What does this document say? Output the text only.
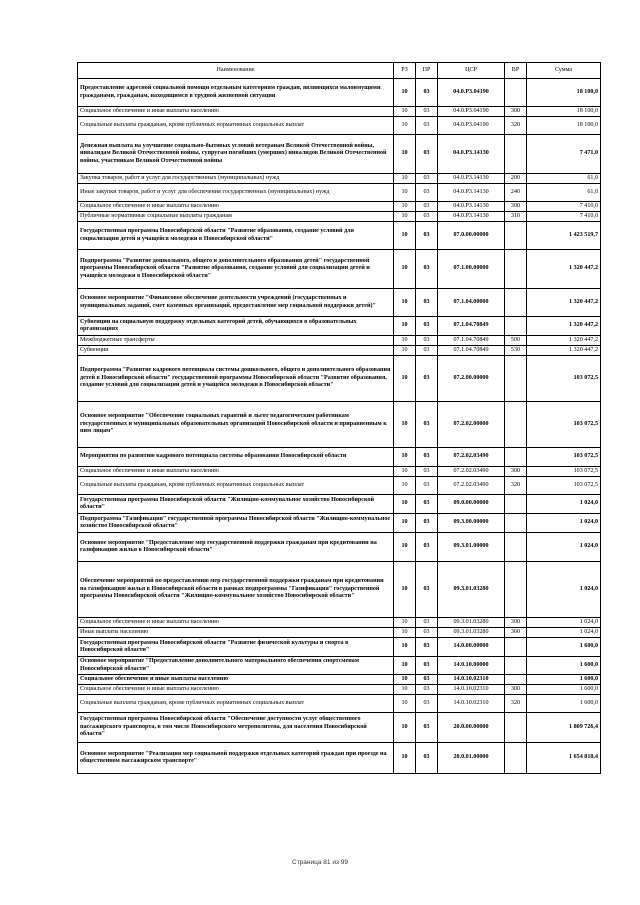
Наименование	РЗ	ПР	ЦСР	ВР	Сумма
Предоставление адресной социальной помощи отдельным категориям граждан, являющихся малоимущими гражданами, гражданам, находящимся в трудной жизненной ситуации	10	03	04.0.Р3.04190		18 100,0
Социальное обеспечение и иные выплаты населению	10	03	04.0.Р3.04190	300	18 100,0
Социальные выплаты гражданам, кроме публичных нормативных социальных выплат	10	03	04.0.Р3.04190	320	18 100,0
Денежная выплата на улучшение социально-бытовых условий ветеранам Великой Отечественной войны, инвалидам Великой Отечественной войны, супругам погибших (умерших) инвалидов Великой Отечественной войны, участникам Великой Отечественной войны	10	03	04.0.Р3.14130		7 471,0
Закупка товаров, работ и услуг для государственных (муниципальных) нужд	10	03	04.0.Р3.14130	200	61,0
Иные закупки товаров, работ и услуг для обеспечения государственных (муниципальных) нужд	10	03	04.0.Р3.14130	240	61,0
Социальное обеспечение и иные выплаты населению	10	03	04.0.Р3.14130	300	7 410,0
Публичные нормативные социальные выплаты гражданам	10	03	04.0.Р3.14130	310	7 410,0
Государственная программа Новосибирской области "Развитие образования, создание условий для социализации детей и учащейся молодежи в Новосибирской области"	10	03	07.0.00.00000		1 423 519,7
Подпрограмма "Развитие дошкольного, общего и дополнительного образования детей" государственной программы Новосибирской области "Развитие образования, создание условий для социализации детей и учащейся молодежи в Новосибирской области"	10	03	07.1.00.00000		1 320 447,2
Основное мероприятие "Финансовое обеспечение деятельности учреждений (государственных и муниципальных заданий, смет казенных организаций, предоставление мер социальной поддержки детей)"	10	03	07.1.04.00000		1 320 447,2
Субвенции на социальную поддержку отдельных категорий детей, обучающихся в образовательных организациях	10	03	07.1.04.70849		1 320 447,2
Межбюджетные трансферты	10	03	07.1.04.70849	500	1 320 447,2
Субвенции	10	03	07.1.04.70849	530	1 320 447,2
Подпрограмма "Развитие кадрового потенциала системы дошкольного, общего и дополнительного образования детей в Новосибирской области" государственной программы Новосибирской области "Развитие образования, создание условий для социализации детей и учащейся молодежи в Новосибирской области"	10	03	07.2.00.00000		103 072,5
Основное мероприятие "Обеспечение социальных гарантий и льгот педагогическим работникам государственных и муниципальных образовательных организаций Новосибирской области и приравненным к ним лицам"	10	03	07.2.02.00000		103 072,5
Мероприятия по развитию кадрового потенциала системы образования Новосибирской области	10	03	07.2.02.03490		103 072,5
Социальное обеспечение и иные выплаты населению	10	03	07.2.02.03490	300	103 072,5
Социальные выплаты гражданам, кроме публичных нормативных социальных выплат	10	03	07.2.02.03490	320	103 072,5
Государственная программа Новосибирской области "Жилищно-коммунальное хозяйство Новосибирской области"	10	03	09.0.00.00000		1 024,0
Подпрограмма "Газификация" государственной программы Новосибирской области "Жилищно-коммунальное хозяйство Новосибирской области"	10	03	09.3.00.00000		1 024,0
Основное мероприятие "Предоставление мер государственной поддержки гражданам при кредитовании на газификацию жилья в Новосибирской области"	10	03	09.3.01.00000		1 024,0
Обеспечение мероприятий по предоставлению мер государственной поддержки гражданам при кредитовании на газификацию жилья в Новосибирской области в рамках подпрограммы "Газификация" государственной программы Новосибирской области "Жилищно-коммунальное хозяйство Новосибирской области"	10	03	09.3.01.03280		1 024,0
Социальное обеспечение и иные выплаты населению	10	03	09.3.01.03280	300	1 024,0
Иные выплаты населению	10	03	09.3.01.03280	360	1 024,0
Государственная программа Новосибирской области "Развитие физической культуры и спорта в Новосибирской области"	10	03	14.0.00.00000		1 600,0
Основное мероприятие "Предоставление дополнительного материального обеспечения спортсменам Новосибирской области"	10	03	14.0.10.00000		1 600,0
Социальное обеспечение и иные выплаты населению	10	03	14.0.10.02310		1 600,0
Социальное обеспечение и иные выплаты населению	10	03	14.0.10.02310	300	1 600,0
Социальные выплаты гражданам, кроме публичных нормативных социальных выплат	10	03	14.0.10.02310	320	1 600,0
Государственная программа Новосибирской области "Обеспечение доступности услуг общественного пассажирского транспорта, в том числе Новосибирского метрополитена, для населения Новосибирской области"	10	03	20.0.00.00000		1 809 726,4
Основное мероприятие "Реализация мер социальной поддержки отдельных категорий граждан при проезде на общественном пассажирском транспорте"	10	03	20.0.01.00000		1 654 818,4
Страница 81 из 99
